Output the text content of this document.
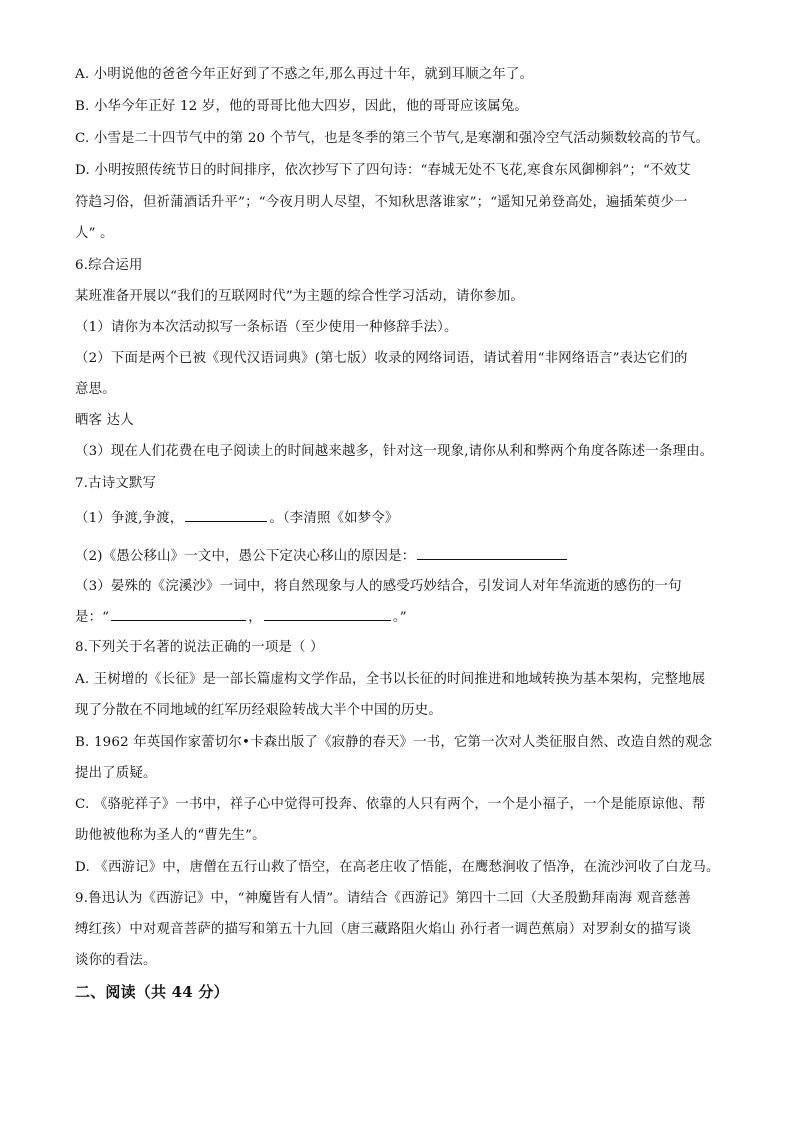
A. 小明说他的爸爸今年正好到了不惑之年,那么再过十年，就到耳顺之年了。
B. 小华今年正好 12 岁，他的哥哥比他大四岁，因此，他的哥哥应该属兔。
C. 小雪是二十四节气中的第 20 个节气，也是冬季的第三个节气,是寒潮和强冷空气活动频数较高的节气。
D. 小明按照传统节日的时间排序，依次抄写下了四句诗：“春城无处不飞花,寒食东风御柳斜”；“不效艾
符趋习俗，但祈蒲酒话升平”；“今夜月明人尽望，不知秋思落谁家”；“遥知兄弟登高处，遍插茱萸少一
人” 。
6.综合运用
某班准备开展以“我们的互联网时代”为主题的综合性学习活动，请你参加。
（1）请你为本次活动拟写一条标语（至少使用一种修辞手法）。
（2）下面是两个已被《现代汉语词典》(第七版）收录的网络词语，请试着用“非网络语言”表达它们的
意思。
晒客 达人
（3）现在人们花费在电子阅读上的时间越来越多，针对这一现象,请你从利和弊两个角度各陈述一条理由。
7.古诗文默写
（1）争渡,争渡，	。（李清照《如梦令》
（2)《愚公移山》一文中，愚公下定决心移山的原因是：
（3）晏殊的《浣溪沙》一词中，将自然现象与人的感受巧妙结合，引发词人对年华流逝的感伤的一句
是：“	，	。”
8.下列关于名著的说法正确的一项是（ ）
A. 王树增的《长征》是一部长篇虚构文学作品，全书以长征的时间推进和地域转换为基本架构，完整地展
现了分散在不同地域的红军历经艰险转战大半个中国的历史。
B. 1962 年英国作家蕾切尔•卡森出版了《寂静的春天》一书，它第一次对人类征服自然、改造自然的观念
提出了质疑。
C. 《骆驼祥子》一书中，祥子心中觉得可投奔、依靠的人只有两个，一个是小福子，一个是能原谅他、帮
助他被他称为圣人的“曹先生”。
D. 《西游记》中，唐僧在五行山救了悟空，在高老庄收了悟能，在鹰愁涧收了悟净，在流沙河收了白龙马。
9.鲁迅认为《西游记》中，“神魔皆有人情”。请结合《西游记》第四十二回（大圣殷勤拜南海 观音慈善
缚红孩）中对观音菩萨的描写和第五十九回（唐三藏路阻火焰山 孙行者一调芭蕉扇）对罗刹女的描写谈
谈你的看法。
二、阅读（共 44 分）
